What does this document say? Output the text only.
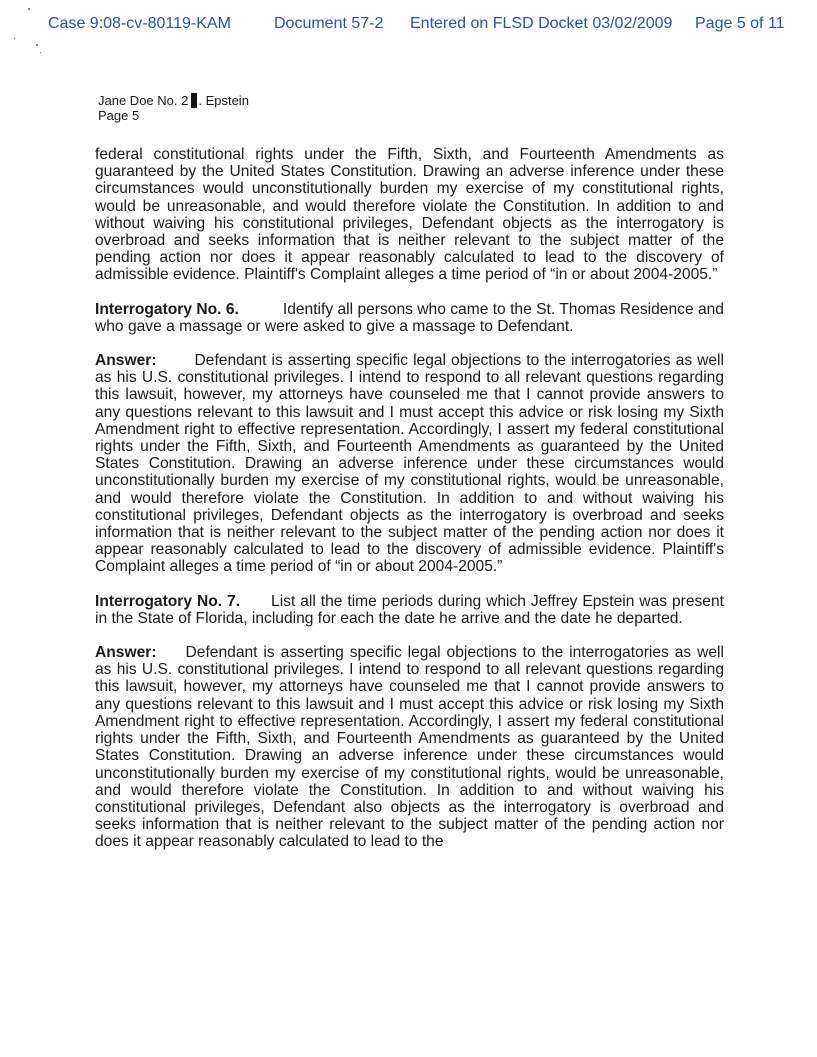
Case 9:08-cv-80119-KAM	Document 57-2 Entered on FLSD Docket 03/02/2009 Page 5 of 11
Jane Doe No. 2 . Epstein
Page 5

federal constitutional rights under the Fifth, Sixth, and Fourteenth Amendments as guaranteed by the United States Constitution. Drawing an adverse inference under these circumstances would unconstitutionally burden my exercise of my constitutional rights, would be unreasonable, and would therefore violate the Constitution. In addition to and without waiving his constitutional privileges, Defendant objects as the interrogatory is overbroad and seeks information that is neither relevant to the subject matter of the pending action nor does it appear reasonably calculated to lead to the discovery of admissible evidence. Plaintiff's Complaint alleges a time period of “in or about 2004-2005.”

Interrogatory No. 6.	Identify all persons who came to the St. Thomas Residence and who gave a massage or were asked to give a massage to Defendant.

Answer: Defendant is asserting specific legal objections to the interrogatories as well as his U.S. constitutional privileges. I intend to respond to all relevant questions regarding this lawsuit, however, my attorneys have counseled me that I cannot provide answers to any questions relevant to this lawsuit and I must accept this advice or risk losing my Sixth Amendment right to effective representation. Accordingly, I assert my federal constitutional rights under the Fifth, Sixth, and Fourteenth Amendments as guaranteed by the United States Constitution. Drawing an adverse inference under these circumstances would unconstitutionally burden my exercise of my constitutional rights, would be unreasonable, and would therefore violate the Constitution. In addition to and without waiving his constitutional privileges, Defendant objects as the interrogatory is overbroad and seeks information that is neither relevant to the subject matter of the pending action nor does it appear reasonably calculated to lead to the discovery of admissible evidence. Plaintiff's Complaint alleges a time period of “in or about 2004-2005.”

Interrogatory No. 7. List all the time periods during which Jeffrey Epstein was present in the State of Florida, including for each the date he arrive and the date he departed.

Answer: Defendant is asserting specific legal objections to the interrogatories as well as his U.S. constitutional privileges. I intend to respond to all relevant questions regarding this lawsuit, however, my attorneys have counseled me that I cannot provide answers to any questions relevant to this lawsuit and I must accept this advice or risk losing my Sixth Amendment right to effective representation. Accordingly, I assert my federal constitutional rights under the Fifth, Sixth, and Fourteenth Amendments as guaranteed by the United States Constitution. Drawing an adverse inference under these circumstances would unconstitutionally burden my exercise of my constitutional rights, would be unreasonable, and would therefore violate the Constitution. In addition to and without waiving his constitutional privileges, Defendant also objects as the interrogatory is overbroad and seeks information that is neither relevant to the subject matter of the pending action nor does it appear reasonably calculated to lead to the
